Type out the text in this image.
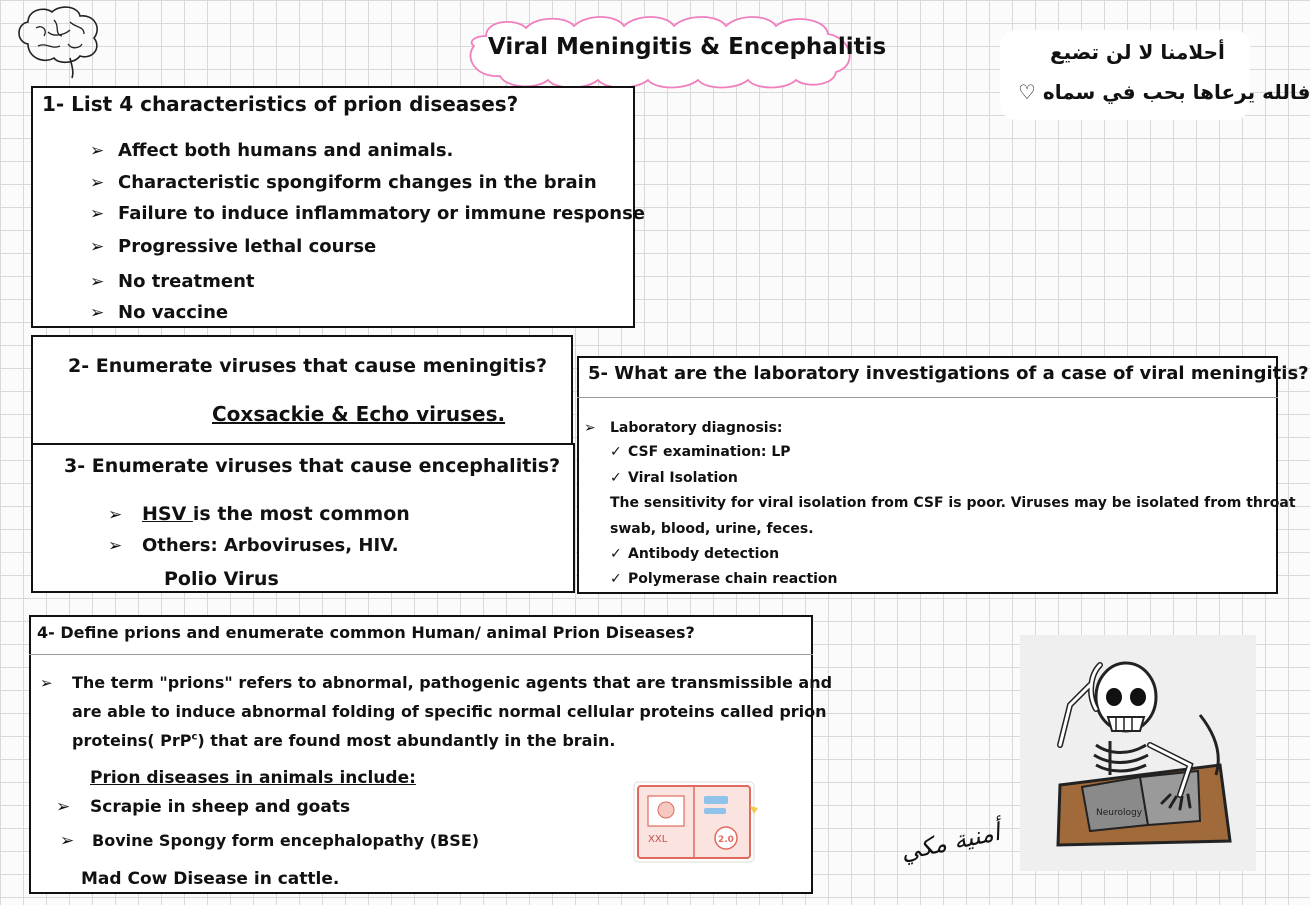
Viral Meningitis & Encephalitis	أحلامنا لا لن تضيع
فالله يرعاها بحب في سماه ♡
1- List 4 characteristics of prion diseases?
➢ Affect both humans and animals.
➢ Characteristic spongiform changes in the brain
➢ Failure to induce inflammatory or immune response
➢ Progressive lethal course
➢ No treatment
➢ No vaccine
2- Enumerate viruses that cause meningitis?
Coxsackie & Echo viruses.
3- Enumerate viruses that cause encephalitis?
➢ HSV is the most common
➢ Others: Arboviruses, HIV.
Polio Virus
5- What are the laboratory investigations of a case of viral meningitis?
➢ Laboratory diagnosis:
✓ CSF examination: LP
✓ Viral Isolation
The sensitivity for viral isolation from CSF is poor. Viruses may be isolated from throat
swab, blood, urine, feces.
✓ Antibody detection
✓ Polymerase chain reaction
4- Define prions and enumerate common Human/ animal Prion Diseases?
➢ The term "prions" refers to abnormal, pathogenic agents that are transmissible and
are able to induce abnormal folding of specific normal cellular proteins called prion
proteins( PrP$^c$) that are found most abundantly in the brain.
Prion diseases in animals include:
➢ Scrapie in sheep and goats
➢ Bovine Spongy form encephalopathy (BSE)
Mad Cow Disease in cattle.
2.0
XXL	أمنية مكي
Neurology
